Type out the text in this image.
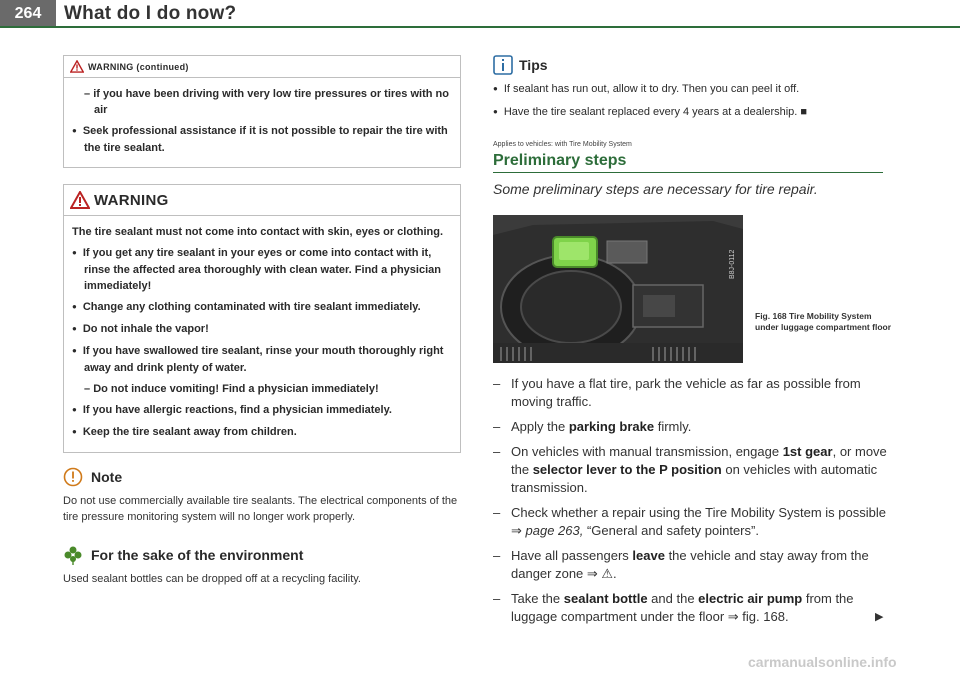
264	What do I do now?
WARNING (continued)

– if you have been driving with very low tire pressures or tires with no air

● Seek professional assistance if it is not possible to repair the tire with the tire sealant.

WARNING

The tire sealant must not come into contact with skin, eyes or clothing.

● If you get any tire sealant in your eyes or come into contact with it, rinse the affected area thoroughly with clean water. Find a physician immediately!

● Change any clothing contaminated with tire sealant immediately.

● Do not inhale the vapor!

● If you have swallowed tire sealant, rinse your mouth thoroughly right away and drink plenty of water.

– Do not induce vomiting! Find a physician immediately!

● If you have allergic reactions, find a physician immediately.

● Keep the tire sealant away from children.

Note
Do not use commercially available tire sealants. The electrical components of the tire pressure monitoring system will no longer work properly.
For the sake of the environment
Used sealant bottles can be dropped off at a recycling facility.
Tips
● If sealant has run out, allow it to dry. Then you can peel it off.
● Have the tire sealant replaced every 4 years at a dealership. ■
Applies to vehicles: with Tire Mobility System
Preliminary steps
Some preliminary steps are necessary for tire repair.
B8J-0112
Fig. 168 Tire Mobility System under luggage compartment floor
– If you have a flat tire, park the vehicle as far as possible from moving traffic.
– Apply the parking brake firmly.
– On vehicles with manual transmission, engage 1st gear, or move the selector lever to the P position on vehicles with automatic transmission.
– Check whether a repair using the Tire Mobility System is possible ⇒ page 263, “General and safety pointers”.
– Have all passengers leave the vehicle and stay away from the danger zone ⇒ ⚠.
– Take the sealant bottle and the electric air pump from the luggage compartment under the floor ⇒ fig. 168.	▶
carmanualsonline.info
